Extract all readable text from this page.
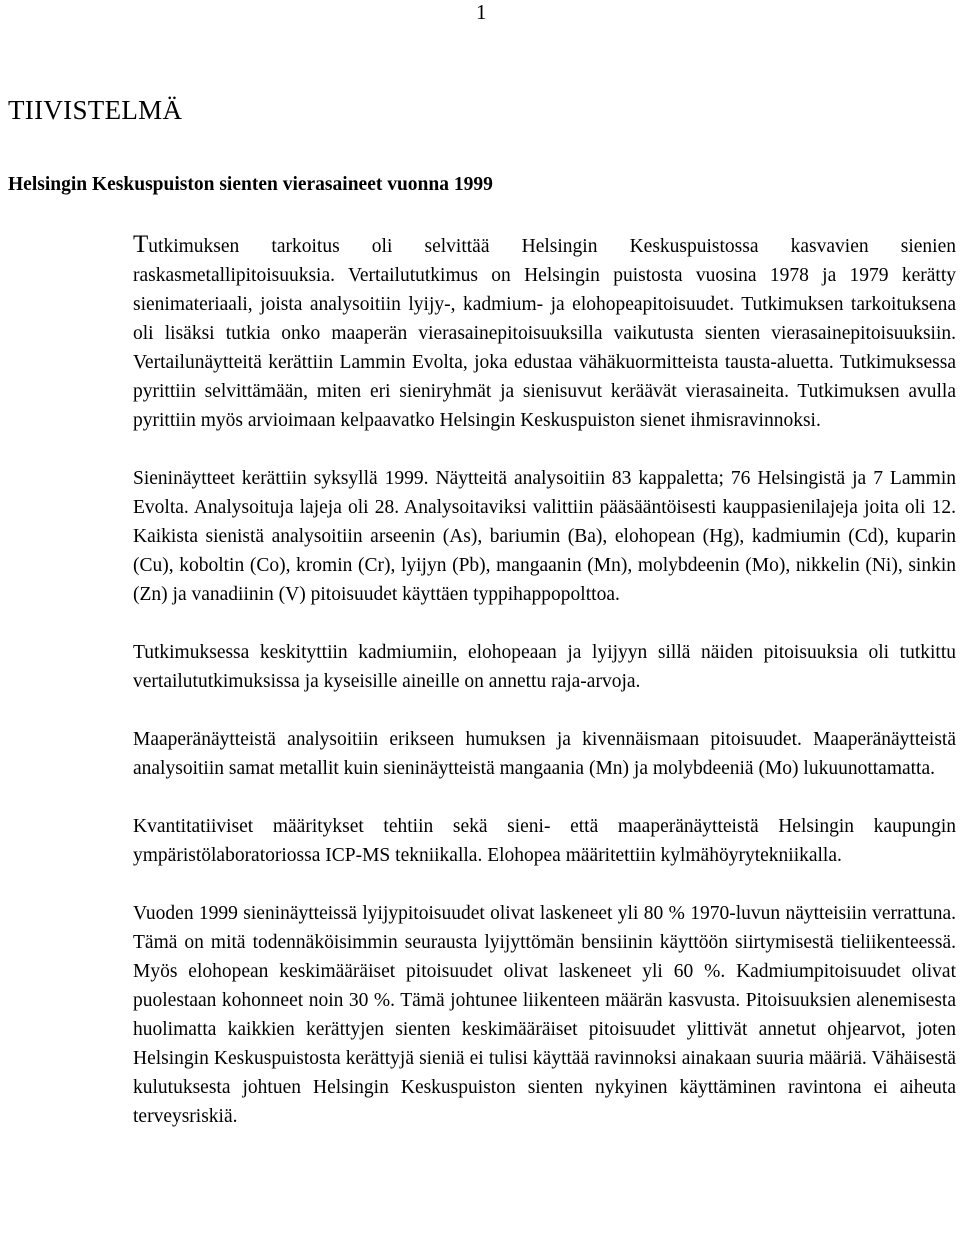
1
TIIVISTELMÄ
Helsingin Keskuspuiston sienten vierasaineet vuonna 1999

Tutkimuksen tarkoitus oli selvittää Helsingin Keskuspuistossa kasvavien sienien raskasmetallipitoisuuksia. Vertailututkimus on Helsingin puistosta vuosina 1978 ja 1979 kerätty sienimateriaali, joista analysoitiin lyijy-, kadmium- ja elohopeapitoisuudet. Tutkimuksen tarkoituksena oli lisäksi tutkia onko maaperän vierasainepitoisuuksilla vaikutusta sienten vierasainepitoisuuksiin. Vertailunäytteitä kerättiin Lammin Evolta, joka edustaa vähäkuormitteista tausta-aluetta. Tutkimuksessa pyrittiin selvittämään, miten eri sieniryhmät ja sienisuvut keräävät vierasaineita. Tutkimuksen avulla pyrittiin myös arvioimaan kelpaavatko Helsingin Keskuspuiston sienet ihmisravinnoksi.

Sieninäytteet kerättiin syksyllä 1999. Näytteitä analysoitiin 83 kappaletta; 76 Helsingistä ja 7 Lammin Evolta. Analysoituja lajeja oli 28. Analysoitaviksi valittiin pääsääntöisesti kauppasienilajeja joita oli 12. Kaikista sienistä analysoitiin arseenin (As), bariumin (Ba), elohopean (Hg), kadmiumin (Cd), kuparin (Cu), koboltin (Co), kromin (Cr), lyijyn (Pb), mangaanin (Mn), molybdeenin (Mo), nikkelin (Ni), sinkin (Zn) ja vanadiinin (V) pitoisuudet käyttäen typpihappopolttoa.

Tutkimuksessa keskityttiin kadmiumiin, elohopeaan ja lyijyyn sillä näiden pitoisuuksia oli tutkittu vertailututkimuksissa ja kyseisille aineille on annettu raja-arvoja.

Maaperänäytteistä analysoitiin erikseen humuksen ja kivennäismaan pitoisuudet. Maaperänäytteistä analysoitiin samat metallit kuin sieninäytteistä mangaania (Mn) ja molybdeeniä (Mo) lukuunottamatta.

Kvantitatiiviset määritykset tehtiin sekä sieni- että maaperänäytteistä Helsingin kaupungin ympäristölaboratoriossa ICP-MS tekniikalla. Elohopea määritettiin kylmähöyrytekniikalla.

Vuoden 1999 sieninäytteissä lyijypitoisuudet olivat laskeneet yli 80 % 1970-luvun näytteisiin verrattuna. Tämä on mitä todennäköisimmin seurausta lyijyttömän bensiinin käyttöön siirtymisestä tieliikenteessä. Myös elohopean keskimääräiset pitoisuudet olivat laskeneet yli 60 %. Kadmiumpitoisuudet olivat puolestaan kohonneet noin 30 %. Tämä johtunee liikenteen määrän kasvusta. Pitoisuuksien alenemisesta huolimatta kaikkien kerättyjen sienten keskimääräiset pitoisuudet ylittivät annetut ohjearvot, joten Helsingin Keskuspuistosta kerättyjä sieniä ei tulisi käyttää ravinnoksi ainakaan suuria määriä. Vähäisestä kulutuksesta johtuen Helsingin Keskuspuiston sienten nykyinen käyttäminen ravintona ei aiheuta terveysriskiä.
